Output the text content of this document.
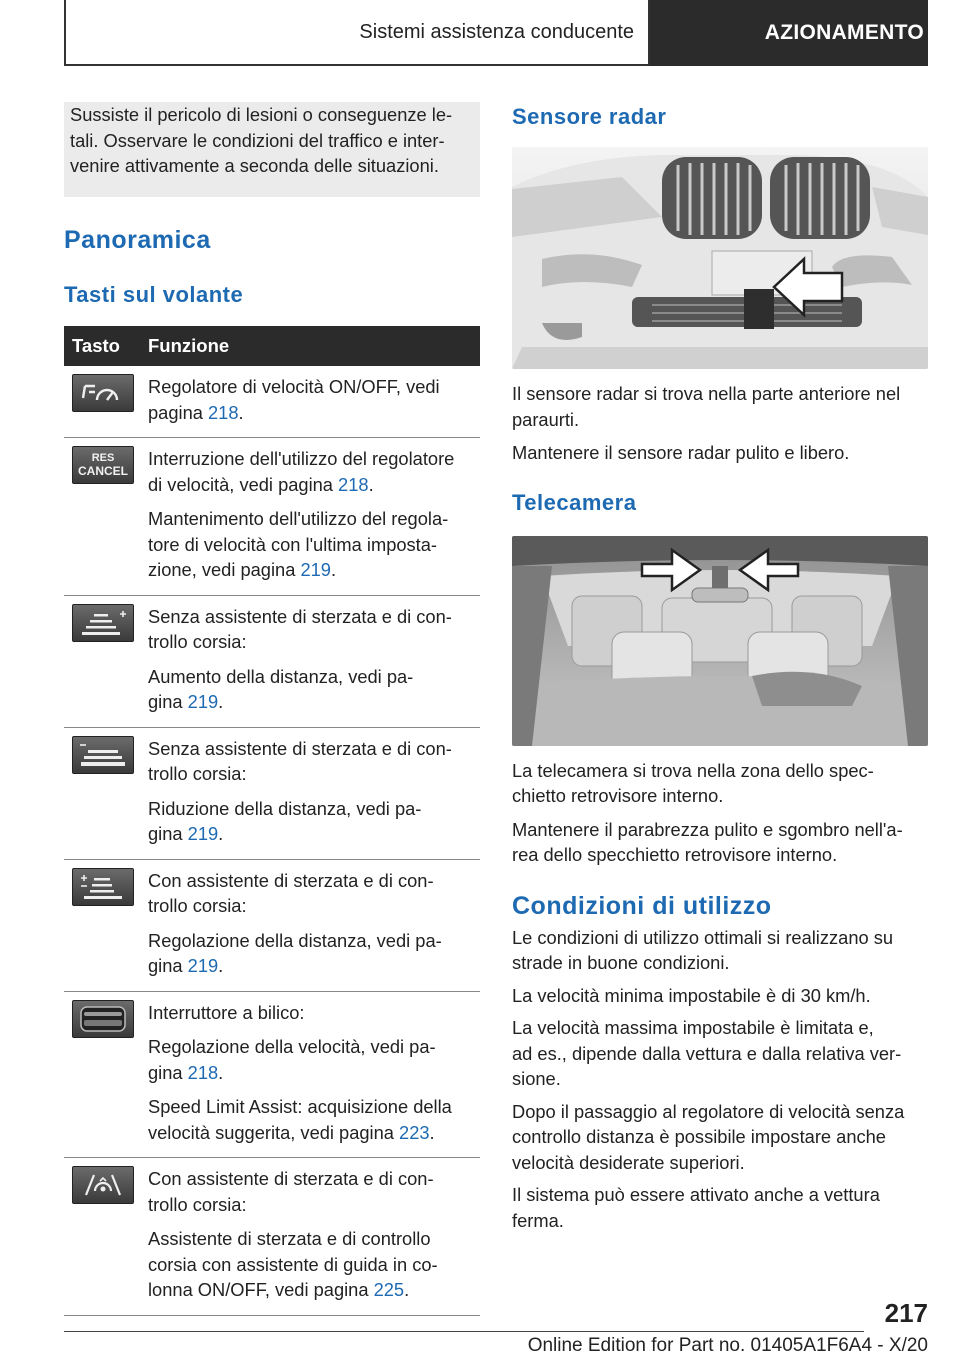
Sistemi assistenza conducente	AZIONAMENTO

Sussiste il pericolo di lesioni o conseguenze le-

tali. Osservare le condizioni del traffico e inter-

venire attivamente a seconda delle situazioni.

Panoramica
Tasti sul volante
Tasto	Funzione

Regolatore di velocità ON/OFF, vedi
pagina 218.

RES
CANCEL

Interruzione dell'utilizzo del regolatore
di velocità, vedi pagina 218.

Mantenimento dell'utilizzo del regola-
tore di velocità con l'ultima imposta-
zione, vedi pagina 219.

Senza assistente di sterzata e di con-
trollo corsia:

Aumento della distanza, vedi pa-
gina 219.

Senza assistente di sterzata e di con-
trollo corsia:

Riduzione della distanza, vedi pa-
gina 219.

Con assistente di sterzata e di con-
trollo corsia:

Regolazione della distanza, vedi pa-
gina 219.

Interruttore a bilico:

Regolazione della velocità, vedi pa-
gina 218.

Speed Limit Assist: acquisizione della
velocità suggerita, vedi pagina 223.

Con assistente di sterzata e di con-
trollo corsia:

Assistente di sterzata e di controllo
corsia con assistente di guida in co-
lonna ON/OFF, vedi pagina 225.

Sensore radar

Il sensore radar si trova nella parte anteriore nel

paraurti.

Mantenere il sensore radar pulito e libero.

Telecamera

La telecamera si trova nella zona dello spec-

chietto retrovisore interno.

Mantenere il parabrezza pulito e sgombro nell'a-

rea dello specchietto retrovisore interno.

Condizioni di utilizzo

Le condizioni di utilizzo ottimali si realizzano su

strade in buone condizioni.

La velocità minima impostabile è di 30 km/h.

La velocità massima impostabile è limitata e,

ad es., dipende dalla vettura e dalla relativa ver-

sione.

Dopo il passaggio al regolatore di velocità senza

controllo distanza è possibile impostare anche

velocità desiderate superiori.

Il sistema può essere attivato anche a vettura

ferma.

217
Online Edition for Part no. 01405A1F6A4 - X/20
